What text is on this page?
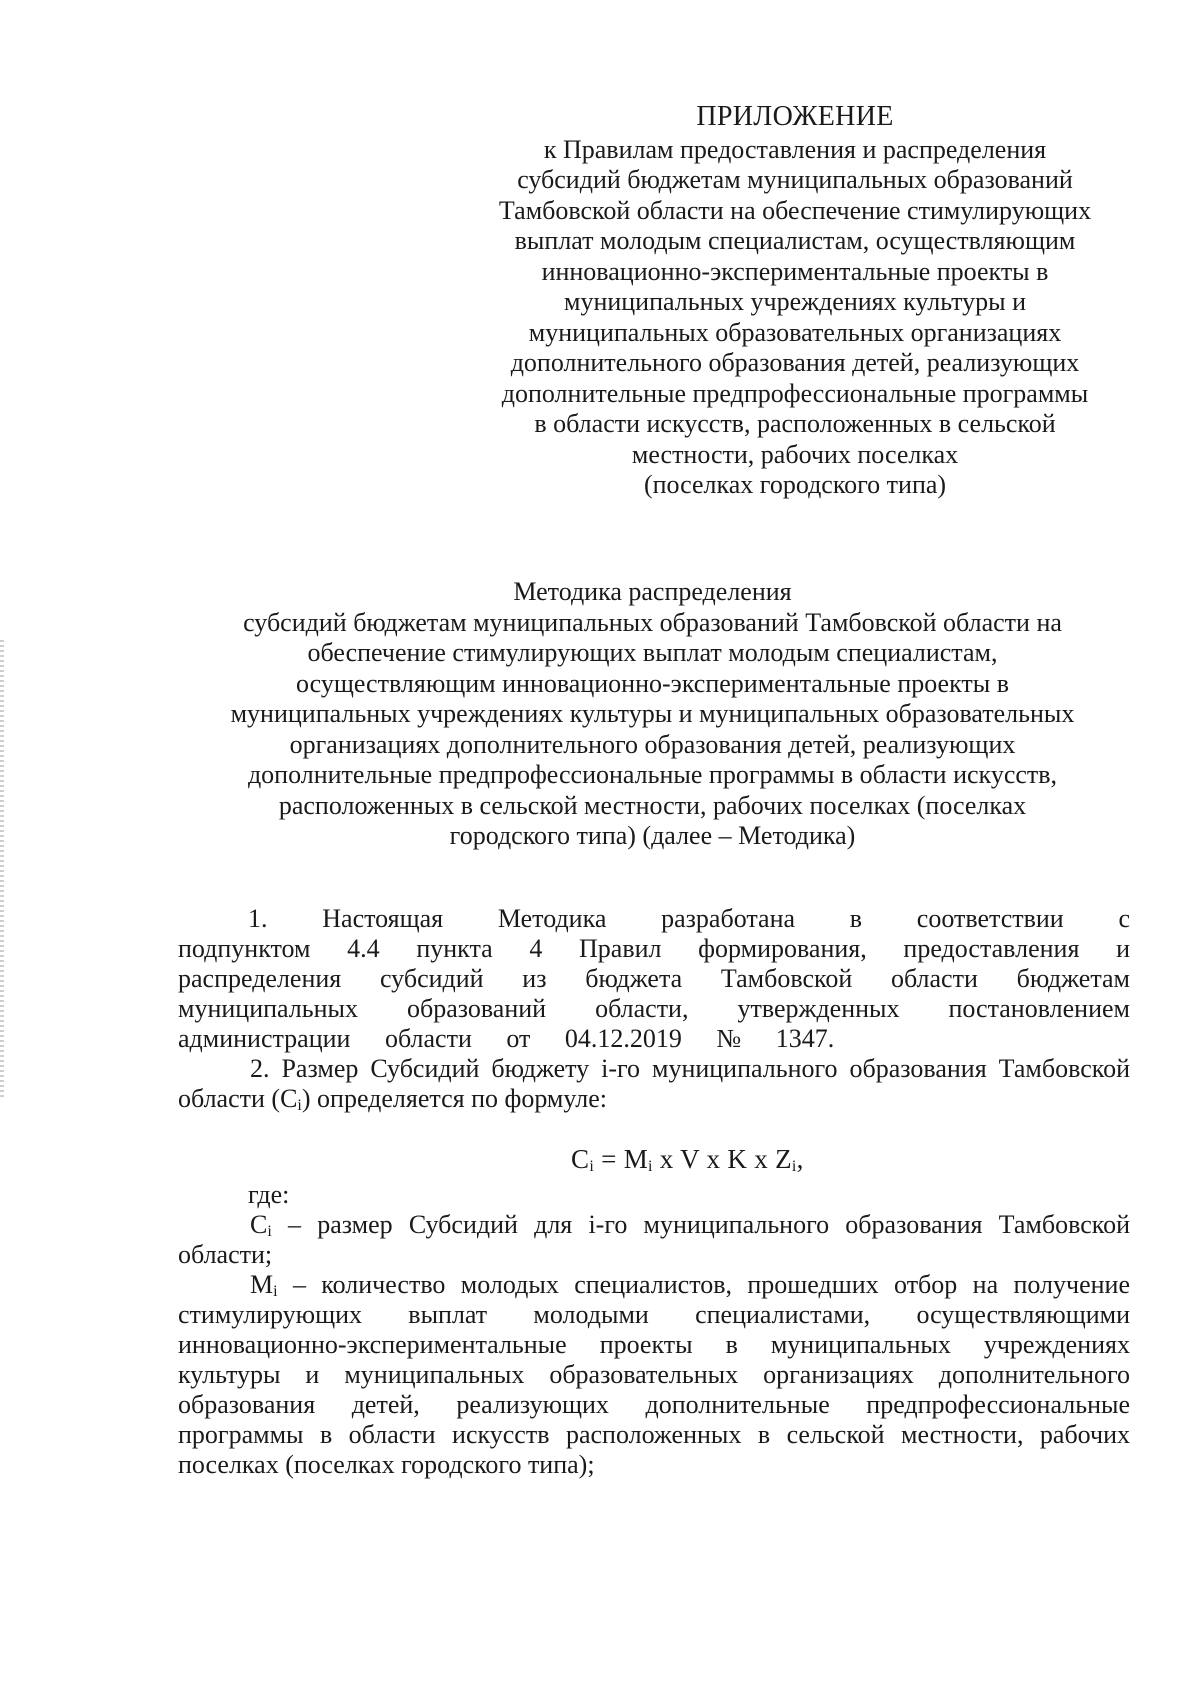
ПРИЛОЖЕНИЕ
к Правилам предоставления и распределения
субсидий бюджетам муниципальных образований
Тамбовской области на обеспечение стимулирующих
выплат молодым специалистам, осуществляющим
инновационно-экспериментальные проекты в
муниципальных учреждениях культуры и
муниципальных образовательных организациях
дополнительного образования детей, реализующих
дополнительные предпрофессиональные программы
в области искусств, расположенных в сельской
местности, рабочих поселках
(поселках городского типа)
Методика распределения
субсидий бюджетам муниципальных образований Тамбовской области на
обеспечение стимулирующих выплат молодым специалистам,
осуществляющим инновационно-экспериментальные проекты в
муниципальных учреждениях культуры и муниципальных образовательных
организациях дополнительного образования детей, реализующих
дополнительные предпрофессиональные программы в области искусств,
расположенных в сельской местности, рабочих поселках (поселках
городского типа) (далее – Методика)
1. Настоящая Методика разработана в соответствии с подпунктом 4.4 пункта 4 Правил формирования, предоставления и распределения субсидий из бюджета Тамбовской области бюджетам муниципальных образований области, утвержденных постановлением администрации области от 04.12.2019 № 1347.
2. Размер Субсидий бюджету i-го муниципального образования Тамбовской области $(C_i)$ определяется по формуле:
$C_i = M_i$ x V x K x $Z_i$,
где:
$C_i$ – размер Субсидий для i-го муниципального образования Тамбовской области;
$M_i$ – количество молодых специалистов, прошедших отбор на получение стимулирующих выплат молодыми специалистами, осуществляющими инновационно-экспериментальные проекты в муниципальных учреждениях культуры и муниципальных образовательных организациях дополнительного образования детей, реализующих дополнительные предпрофессиональные программы в области искусств расположенных в сельской местности, рабочих поселках (поселках городского типа);
